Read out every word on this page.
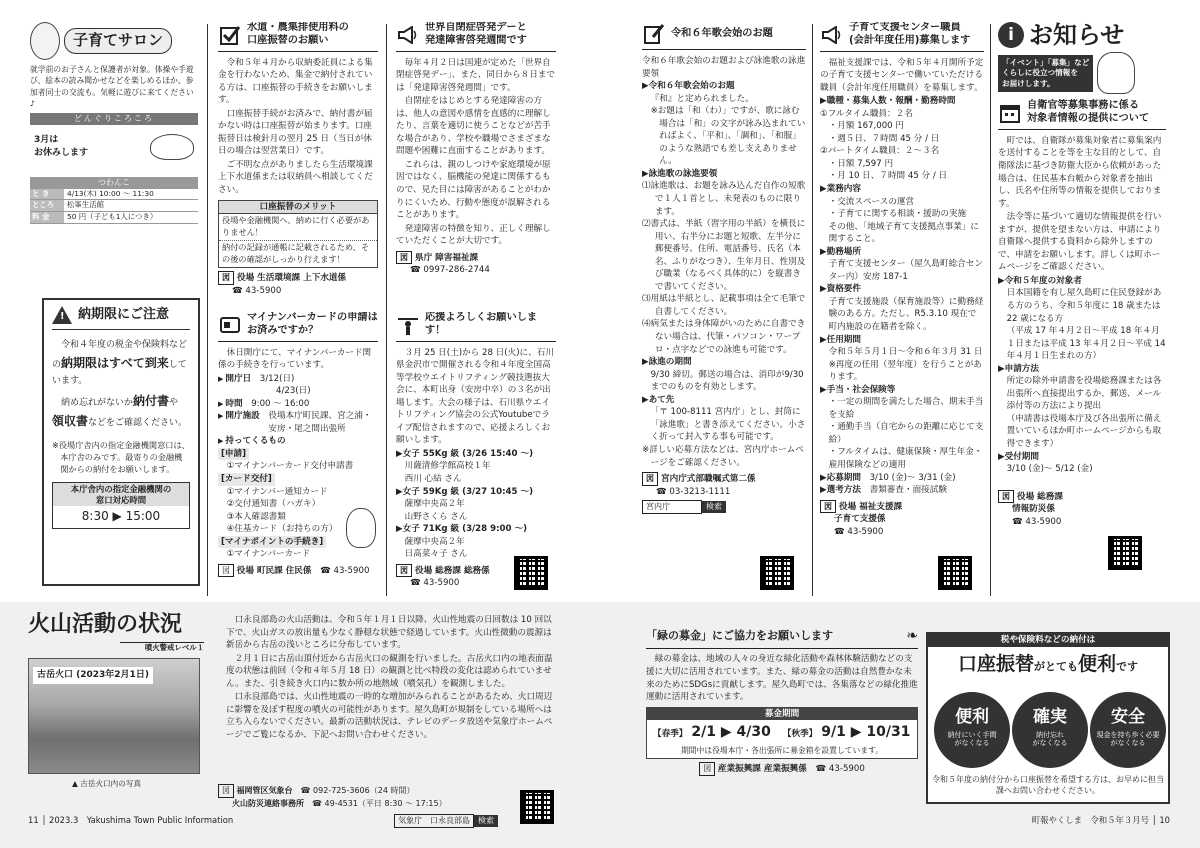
子育てサロン
就学前のお子さんと保護者が対象。体操や手遊び、絵本の読み聞かせなどを楽しめるほか、参加者同士の交流も。気軽に遊びに来てください♪
どんぐりころころ
3月は
お休みします
つわんこ
と き	4/13(木) 10:00 ～ 11:30
ところ	松峯生活館
料 金	50 円（子ども1人につき）
! 納期限にご注意
令和４年度の税金や保険料などの納期限はすべて到来しています。
納め忘れがないか納付書や領収書などをご確認ください。
※役場庁舎内の指定金融機関窓口は、本庁舎のみです。最寄りの金融機関からの納付をお願いします。
本庁舎内の指定金融機関の
窓口対応時間
8:30 ▶ 15:00
水道・農集排使用料の
口座振替のお願い

令和５年４月から収納委託員による集金を行わないため、集金で納付されている方は、口座振替の手続きをお願いします。

口座振替手続がお済みで、納付書が届かない時は口座振替が始まります。口座振替日は検針月の翌月 25 日（当日が休日の場合は翌営業日）です。

ご不明な点がありましたら生活環境課上下水道係または収納員へ相談してください。

口座振替のメリット
役場や金融機関へ、納めに行く必要がありません！
納付の記録が通帳に記載されるため、その後の確認がしっかり行えます！
図 役場 生活環境課 上下水道係
☎ 43-5900
マイナンバーカードの申請はお済みですか？

休日開庁にて、マイナンバーカード関係の手続きを行っています。

▶ 開庁日　 3/12(日)
4/23(日)
▶ 時間　 9:00 ～ 16:00
▶ 開庁施設
　 役場本庁町民課、宮之浦・安房・尾之間出張所
▶ 持ってくるもの
[申請]
①マイナンバーカード交付申請書
[カード交付]
①マイナンバー通知カード
②交付通知書（ハガキ）
③本人確認書類
④住基カード（お持ちの方）
[マイナポイントの手続き]
①マイナンバーカード
図 役場 町民課 住民係　 ☎ 43-5900
世界自閉症啓発デーと
発達障害啓発週間です

毎年４月２日は国連が定めた「世界自閉症啓発デー」、また、同日から８日までは「発達障害啓発週間」です。

自閉症をはじめとする発達障害の方は、他人の意図や感情を直感的に理解したり、言葉を適切に使うことなどが苦手な場合があり、学校や職場でさまざまな問題や困難に直面することがあります。

これらは、親のしつけや家庭環境が原因ではなく、脳機能の発達に関係するもので、見た目には障害があることがわかりにくいため、行動や態度が誤解されることがあります。

発達障害の特徴を知り、正しく理解していただくことが大切です。

図 県庁 障害福祉課
☎ 0997-286-2744
応援よろしくお願いします！

３月 25 日(土)から 28 日(火)に、石川県金沢市で開催される令和４年度全国高等学校ウエイトリフティング競技選抜大会に、本町出身（安房中卒）の３名が出場します。大会の様子は、石川県ウエイトリフティング協会の公式Youtubeでライブ配信されますので、応援よろしくお願いします。

▶女子 55Kg 級 (3/26 15:40 ～)
川薩清修学館高校１年
西川 心結 さん
▶女子 59Kg 級 (3/27 10:45 ～)
薩摩中央高２年
山野さくら さん
▶女子 71Kg 級 (3/28 9:00 ～)
薩摩中央高２年
日髙菜々子 さん
図 役場 総務課 総務係
☎ 43-5900
令和６年歌会始のお題
令和６年歌会始のお題および詠進歌の詠進要領
▶令和６年歌会始のお題
『和』と定められました。
※お題は「和（わ）」ですが、歌に詠む場合は「和」の文字が詠み込まれていればよく、「平和」、「調和」、「和服」のような熟語でも差し支えありません。
▶詠進歌の詠進要領
⑴詠進歌は、お題を詠み込んだ自作の短歌で１人１首とし、未発表のものに限ります。
⑵書式は、半紙（習字用の半紙）を横長に用い、右半分にお題と短歌、左半分に郵便番号、住所、電話番号、氏名（本名、ふりがなつき）、生年月日、性別及び職業（なるべく具体的に）を縦書きで書いてください。
⑶用紙は半紙とし、記載事項は全て毛筆で自書してください。
⑷病気または身体障がいのために自書できない場合は、代筆・パソコン・ワープロ・点字などでの詠進も可能です。
▶詠進の期間
9/30 締切。郵送の場合は、消印が9/30 までのものを有効とします。
▶あて先
「〒 100-8111 宮内庁」とし、封筒に「詠進歌」と書き添えてください。小さく折って封入する事も可能です。
※詳しい応募方法などは、宮内庁ホームページをご確認ください。
図 宮内庁式部職嘱式第二係
☎ 03-3213-1111
宮内庁	検索
子育て支援センター職員
(会計年度任用)募集します

福祉支援課では、令和５年４月開所予定の子育て支援センターで働いていただける職員（会計年度任用職員）を募集します。

▶職種・募集人数・報酬・勤務時間
①フルタイム職員：２名
・月額 167,000 円
・週５日、７時間 45 分 / 日
②パートタイム職員：２～３名
・日額 7,597 円
・月 10 日、７時間 45 分 / 日
▶業務内容
・交流スペースの運営
・子育てに関する相談・援助の実施
その他、「地域子育て支援拠点事業」に関すること。
▶勤務場所
子育て支援センター（屋久島町総合センター内）安房 187-1
▶資格要件
子育て支援施設（保育施設等）に勤務経験のある方。ただし、R5.3.10 現在で町内施設の在籍者を除く。
▶任用期間
令和５年５月１日～令和６年３月 31 日
※再度の任用（翌年度）を行うことがあります。
▶手当・社会保険等
・一定の期間を満たした場合、期末手当を支給
・通勤手当（自宅からの距離に応じて支給）
・フルタイムは、健康保険・厚生年金・雇用保険などの適用
▶応募期間　 3/10 (金)～ 3/31 (金)
▶選考方法　 書類審査・面接試験
図 役場 福祉支援課
子育て支援係
☎ 43-5900
i お知らせ
「イベント」「募集」など
くらしに役立つ情報を
お届けします。
自衛官等募集事務に係る
対象者情報の提供について

町では、自衛隊が募集対象者に募集案内を送付することを等を主な目的として、自衛隊法に基づき防衛大臣から依頼があった場合は、住民基本台帳から対象者を抽出し、氏名や住所等の情報を提供しております。

法令等に基づいて適切な情報提供を行いますが、提供を望まない方は、申請により自衛隊へ提供する資料から除外しますので、申請をお願いします。詳しくは町ホームページをご確認ください。

▶令和５年度の対象者
日本国籍を有し屋久島町に住民登録がある方のうち、令和５年度に 18 歳または 22 歳になる方
（平成 17 年４月２日～平成 18 年４月１日または平成 13 年４月２日～平成 14 年４月１日生まれの方）
▶申請方法
所定の除外申請書を役場総務課または各出張所へ直接提出するか、郵送、メール添付等の方法により提出
（申請書は役場本庁及び各出張所に備え置いているほか町ホームページからも取得できます）
▶受付期間
3/10 (金)～ 5/12 (金)
図 役場 総務課
情報防災係
☎ 43-5900
火山活動の状況
噴火警戒レベル１
古岳火口 (2023年2月1日)
▲ 古岳火口内の写真

口永良部島の火山活動は、令和５年１月１日以降、火山性地震の日回数は 10 回以下で、火山ガスの放出量も少なく静穏な状態で経過しています。火山性微動の震源は新岳から古岳の浅いところに分布しています。

２月１日に古岳山頂付近から古岳火口の観測を行いました。古岳火口内の地表面温度の状態は前回（令和４年５月 18 日）の観測と比べ特段の変化は認められていません。また、引き続き火口内に数か所の地熱域（噴気孔）を観測しました。

口永良部島では、火山性地震の一時的な増加がみられることがあるため、火口周辺に影響を及ぼす程度の噴火の可能性があります。屋久島町が規制をしている場所へは立ち入らないでください。最新の活動状況は、テレビのデータ放送や気象庁ホームページでご覧になるか、下記へお問い合わせください。

図 福岡管区気象台　 ☎ 092-725-3606（24 時間）
火山防災連絡事務所　 ☎ 49-4531（平日 8:30 ～ 17:15）
気象庁　口永良部島 検索
「緑の募金」にご協力をお願いします	❧

緑の募金は、地域の人々の身近な緑化活動や森林体験活動などの支援に大切に活用されています。また、緑の募金の活動は自然豊かな未来のためにSDGsに貢献します。屋久島町では、各集落などの緑化推進運動に活用されています。

募金期間
【春季】 2/1 ▶ 4/30 【秋季】 9/1 ▶ 10/31
期間中は役場本庁・各出張所に募金箱を設置しています。
図 産業振興課 産業振興係　 ☎ 43-5900
税や保険料などの納付は
口座振替がとても便利です
便利
納付にいく手間
がなくなる
確実
納付忘れ
がなくなる
安全
現金を持ち歩く必要
がなくなる
令和５年度の納付分から口座振替を希望する方は、お早めに担当課へお問い合わせください。
11 │ 2023.3　Yakushima Town Public Information	町報やくしま　令和５年３月号 │ 10
